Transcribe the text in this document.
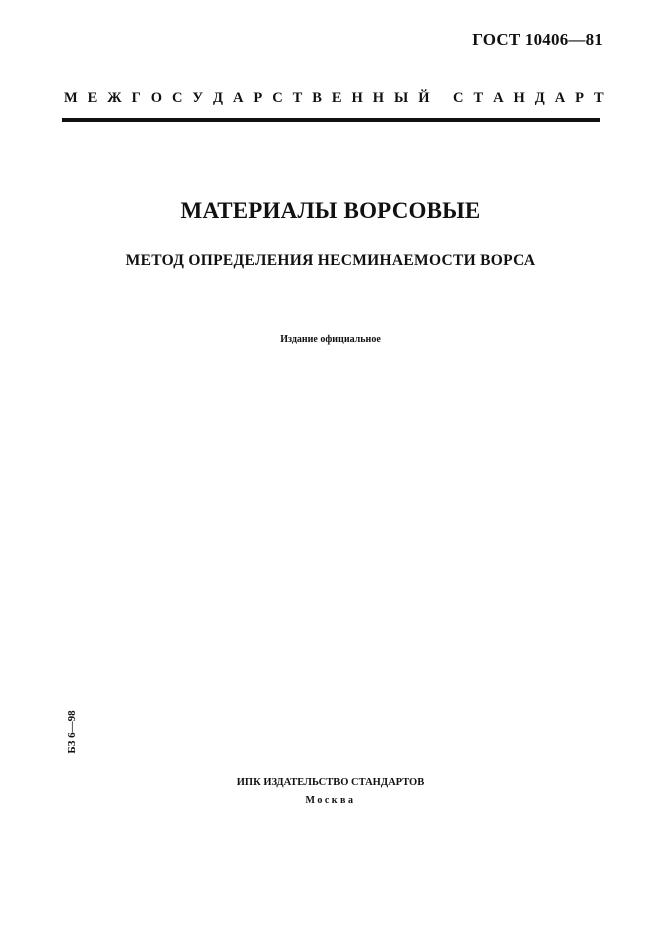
ГОСТ 10406—81
М Е Ж Г О С У Д А Р С Т В Е Н Н Ы Й
С Т А Н Д А Р Т
МАТЕРИАЛЫ ВОРСОВЫЕ
МЕТОД ОПРЕДЕЛЕНИЯ НЕСМИНАЕМОСТИ ВОРСА
Издание официальное
БЗ 6—98
ИПК ИЗДАТЕЛЬСТВО СТАНДАРТОВ
Москва
